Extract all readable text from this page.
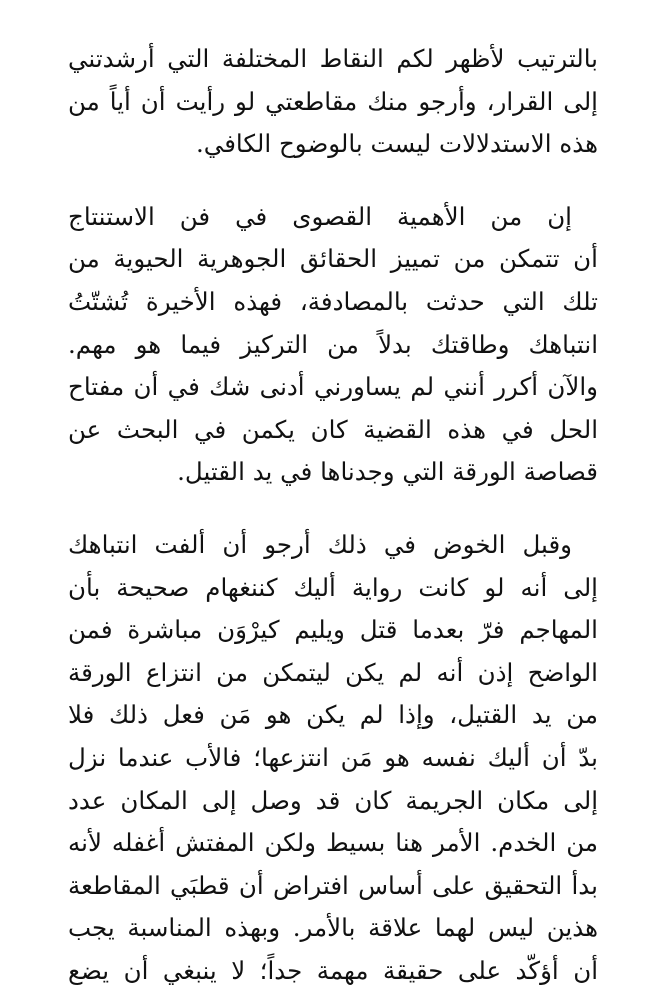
بالترتيب لأظهر لكم النقاط المختلفة التي أرشدتني
إلى القرار، وأرجو منك مقاطعتي لو رأيت أن أياً من
هذه الاستدلالات ليست بالوضوح الكافي.

إن من الأهمية القصوى في فن الاستنتاج
أن تتمكن من تمييز الحقائق الجوهرية الحيوية من
تلك التي حدثت بالمصادفة، فهذه الأخيرة تُشتّتُ
انتباهك وطاقتك بدلاً من التركيز فيما هو مهم.
والآن أكرر أنني لم يساورني أدنى شك في أن مفتاح
الحل في هذه القضية كان يكمن في البحث عن
قصاصة الورقة التي وجدناها في يد القتيل.

وقبل الخوض في ذلك أرجو أن ألفت انتباهك
إلى أنه لو كانت رواية أليك كننغهام صحيحة بأن
المهاجم فرّ بعدما قتل ويليم كيرْوَن مباشرة فمن
الواضح إذن أنه لم يكن ليتمكن من انتزاع الورقة
من يد القتيل، وإذا لم يكن هو مَن فعل ذلك فلا
بدّ أن أليك نفسه هو مَن انتزعها؛ فالأب عندما نزل
إلى مكان الجريمة كان قد وصل إلى المكان عدد
من الخدم. الأمر هنا بسيط ولكن المفتش أغفله لأنه
بدأ التحقيق على أساس افتراض أن قطبَي المقاطعة
هذين ليس لهما علاقة بالأمر. وبهذه المناسبة يجب
أن أؤكّد على حقيقة مهمة جداً؛ لا ينبغي أن يضع
